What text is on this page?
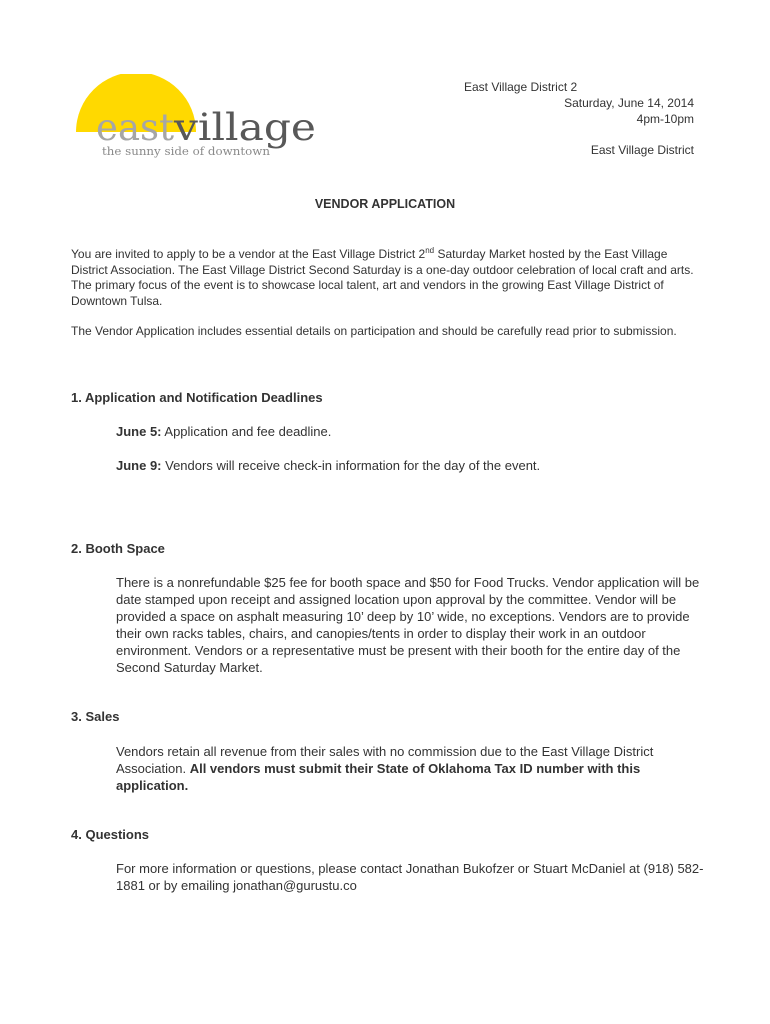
east
village
the sunny side of downtown
East Village District 2
Saturday, June 14, 2014
4pm-10pm
East Village District
VENDOR APPLICATION

You are invited to apply to be a vendor at the East Village District 2nd Saturday Market hosted by the East Village District Association. The East Village District Second Saturday is a one-day outdoor celebration of local craft and arts. The primary focus of the event is to showcase local talent, art and vendors in the growing East Village District of Downtown Tulsa.

The Vendor Application includes essential details on participation and should be carefully read prior to submission.

1. Application and Notification Deadlines

June 5: Application and fee deadline.

June 9: Vendors will receive check-in information for the day of the event.

2. Booth Space

There is a nonrefundable $25 fee for booth space and $50 for Food Trucks. Vendor application will be date stamped upon receipt and assigned location upon approval by the committee. Vendor will be provided a space on asphalt measuring 10’ deep by 10’ wide, no exceptions. Vendors are to provide their own racks tables, chairs, and canopies/tents in order to display their work in an outdoor environment. Vendors or a representative must be present with their booth for the entire day of the Second Saturday Market.

3. Sales

Vendors retain all revenue from their sales with no commission due to the East Village District Association. All vendors must submit their State of Oklahoma Tax ID number with this application.

4. Questions

For more information or questions, please contact Jonathan Bukofzer or Stuart McDaniel at (918) 582-1881 or by emailing jonathan@gurustu.co
